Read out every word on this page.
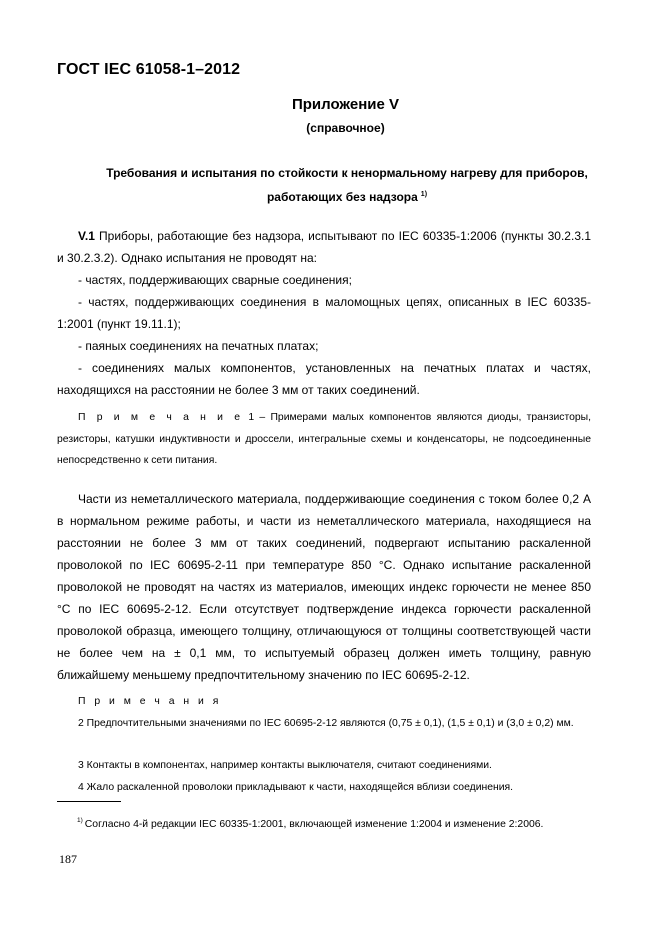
ГОСТ IEC 61058-1–2012
Приложение V
(справочное)
Требования и испытания по стойкости к ненормальному нагреву для приборов,
работающих без надзора $^{1)}$
V.1 Приборы, работающие без надзора, испытывают по IEC 60335-1:2006 (пункты 30.2.3.1 и 30.2.3.2). Однако испытания не проводят на:
- частях, поддерживающих сварные соединения;
- частях, поддерживающих соединения в маломощных цепях, описанных в IEC 60335-1:2001 (пункт 19.11.1);
- паяных соединениях на печатных платах;
- соединениях малых компонентов, установленных на печатных платах и частях, находящихся на расстоянии не более 3 мм от таких соединений.
П р и м е ч а н и е 1 – Примерами малых компонентов являются диоды, транзисторы, резисторы, катушки индуктивности и дроссели, интегральные схемы и конденсаторы, не подсоединенные непосредственно к сети питания.
Части из неметаллического материала, поддерживающие соединения с током более 0,2 А в нормальном режиме работы, и части из неметаллического материала, находящиеся на расстоянии не более 3 мм от таких соединений, подвергают испытанию раскаленной проволокой по IEC 60695-2-11 при температуре 850 °C. Однако испытание раскаленной проволокой не проводят на частях из материалов, имеющих индекс горючести не менее 850 °C по IEC 60695-2-12. Если отсутствует подтверждение индекса горючести раскаленной проволокой образца, имеющего толщину, отличающуюся от толщины соответствующей части не более чем на ± 0,1 мм, то испытуемый образец должен иметь толщину, равную ближайшему меньшему предпочтительному значению по IEC 60695-2-12.
П р и м е ч а н и я
2 Предпочтительными значениями по IEC 60695-2-12 являются (0,75 ± 0,1), (1,5 ± 0,1) и (3,0 ± 0,2) мм.
3 Контакты в компонентах, например контакты выключателя, считают соединениями.
4 Жало раскаленной проволоки прикладывают к части, находящейся вблизи соединения.
$^{1)}$ Согласно 4-й редакции IEC 60335-1:2001, включающей изменение 1:2004 и изменение 2:2006.
187
